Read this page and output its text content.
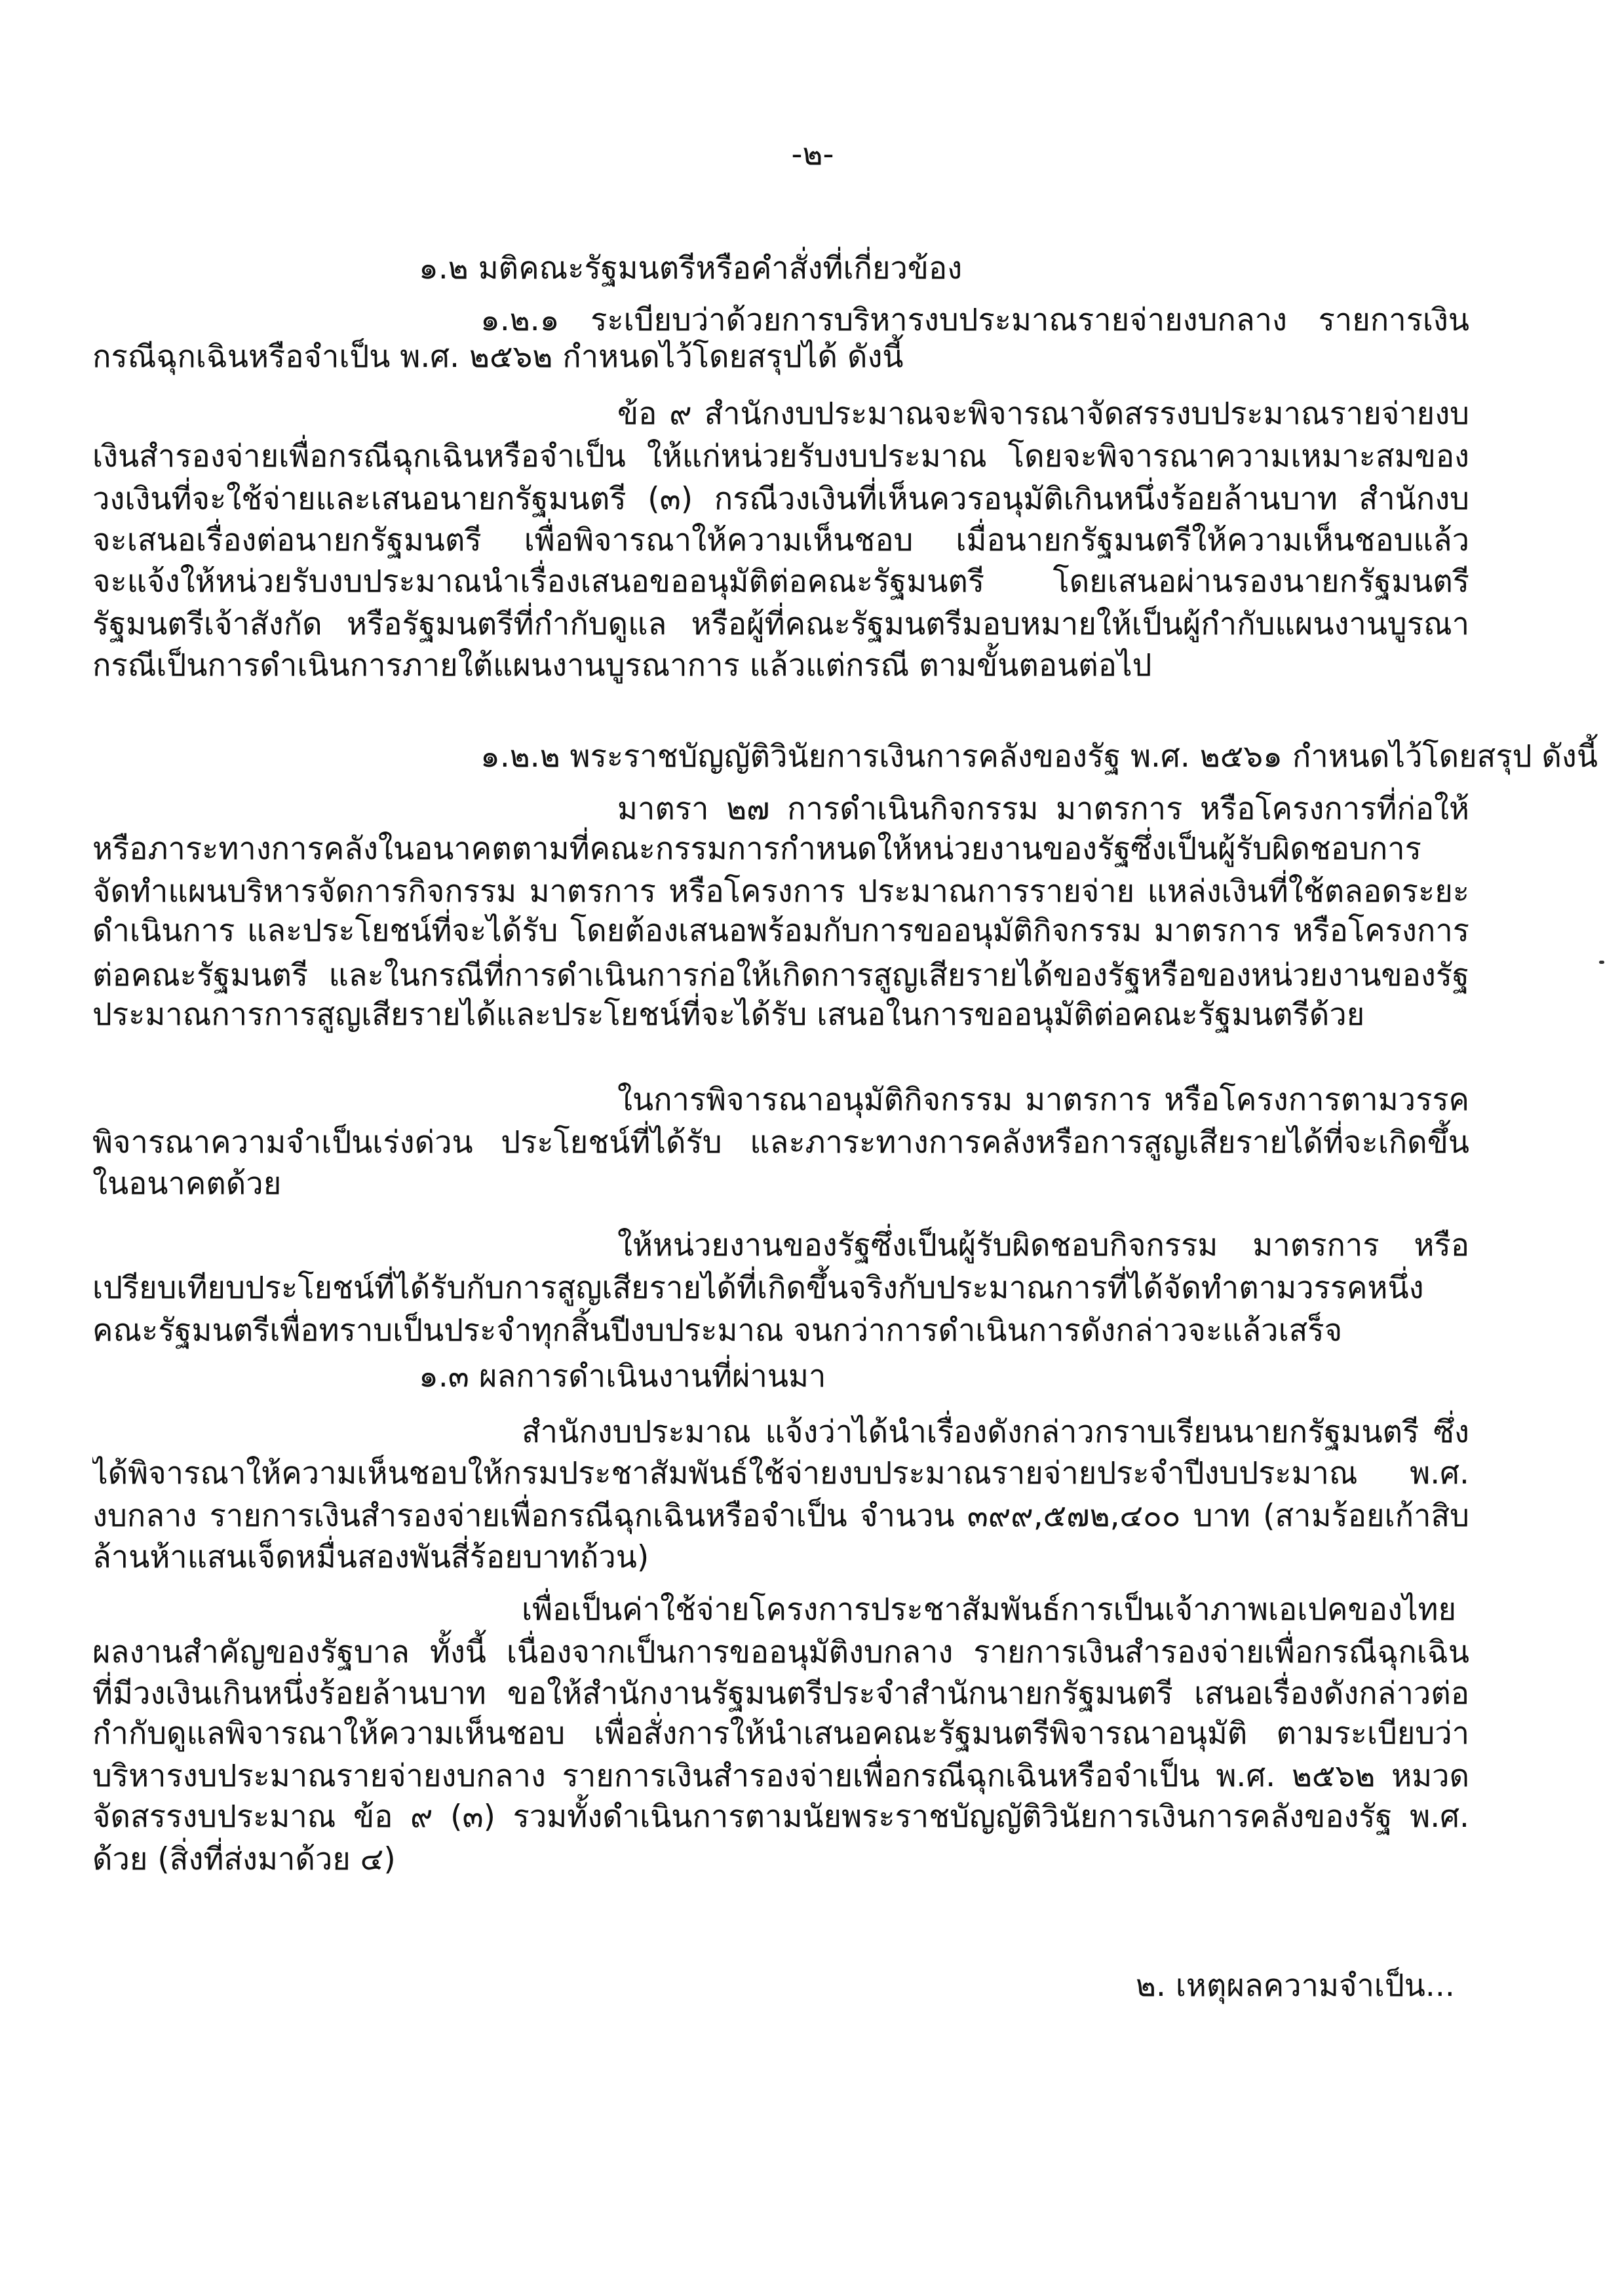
-๒-
๑.๒ มติคณะรัฐมนตรีหรือคำสั่งที่เกี่ยวข้อง
๑.๒.๑ ระเบียบว่าด้วยการบริหารงบประมาณรายจ่ายงบกลาง รายการเงิน
กรณีฉุกเฉินหรือจำเป็น พ.ศ. ๒๕๖๒ กำหนดไว้โดยสรุปได้ ดังนี้
ข้อ ๙ สำนักงบประมาณจะพิจารณาจัดสรรงบประมาณรายจ่ายงบ
เงินสำรองจ่ายเพื่อกรณีฉุกเฉินหรือจำเป็น ให้แก่หน่วยรับงบประมาณ โดยจะพิจารณาความเหมาะสมของ
วงเงินที่จะใช้จ่ายและเสนอนายกรัฐมนตรี (๓) กรณีวงเงินที่เห็นควรอนุมัติเกินหนึ่งร้อยล้านบาท สำนักงบ
จะเสนอเรื่องต่อนายกรัฐมนตรี เพื่อพิจารณาให้ความเห็นชอบ เมื่อนายกรัฐมนตรีให้ความเห็นชอบแล้ว
จะแจ้งให้หน่วยรับงบประมาณนำเรื่องเสนอขออนุมัติต่อคณะรัฐมนตรี โดยเสนอผ่านรองนายกรัฐมนตรี
รัฐมนตรีเจ้าสังกัด หรือรัฐมนตรีที่กำกับดูแล หรือผู้ที่คณะรัฐมนตรีมอบหมายให้เป็นผู้กำกับแผนงานบูรณา
กรณีเป็นการดำเนินการภายใต้แผนงานบูรณาการ แล้วแต่กรณี ตามขั้นตอนต่อไป
๑.๒.๒ พระราชบัญญัติวินัยการเงินการคลังของรัฐ พ.ศ. ๒๕๖๑ กำหนดไว้โดยสรุป ดังนี้
มาตรา ๒๗ การดำเนินกิจกรรม มาตรการ หรือโครงการที่ก่อให้
หรือภาระทางการคลังในอนาคตตามที่คณะกรรมการกำหนดให้หน่วยงานของรัฐซึ่งเป็นผู้รับผิดชอบการ
จัดทำแผนบริหารจัดการกิจกรรม มาตรการ หรือโครงการ ประมาณการรายจ่าย แหล่งเงินที่ใช้ตลอดระยะ
ดำเนินการ และประโยชน์ที่จะได้รับ โดยต้องเสนอพร้อมกับการขออนุมัติกิจกรรม มาตรการ หรือโครงการ
ต่อคณะรัฐมนตรี และในกรณีที่การดำเนินการก่อให้เกิดการสูญเสียรายได้ของรัฐหรือของหน่วยงานของรัฐ
ประมาณการการสูญเสียรายได้และประโยชน์ที่จะได้รับ เสนอในการขออนุมัติต่อคณะรัฐมนตรีด้วย
ในการพิจารณาอนุมัติกิจกรรม มาตรการ หรือโครงการตามวรรค
พิจารณาความจำเป็นเร่งด่วน ประโยชน์ที่ได้รับ และภาระทางการคลังหรือการสูญเสียรายได้ที่จะเกิดขึ้น
ในอนาคตด้วย
ให้หน่วยงานของรัฐซึ่งเป็นผู้รับผิดชอบกิจกรรม มาตรการ หรือ
เปรียบเทียบประโยชน์ที่ได้รับกับการสูญเสียรายได้ที่เกิดขึ้นจริงกับประมาณการที่ได้จัดทำตามวรรคหนึ่ง
คณะรัฐมนตรีเพื่อทราบเป็นประจำทุกสิ้นปีงบประมาณ จนกว่าการดำเนินการดังกล่าวจะแล้วเสร็จ
๑.๓ ผลการดำเนินงานที่ผ่านมา
สำนักงบประมาณ แจ้งว่าได้นำเรื่องดังกล่าวกราบเรียนนายกรัฐมนตรี ซึ่ง
ได้พิจารณาให้ความเห็นชอบให้กรมประชาสัมพันธ์ใช้จ่ายงบประมาณรายจ่ายประจำปีงบประมาณ พ.ศ.
งบกลาง รายการเงินสำรองจ่ายเพื่อกรณีฉุกเฉินหรือจำเป็น จำนวน ๓๙๙,๕๗๒,๔๐๐ บาท (สามร้อยเก้าสิบ
ล้านห้าแสนเจ็ดหมื่นสองพันสี่ร้อยบาทถ้วน)
เพื่อเป็นค่าใช้จ่ายโครงการประชาสัมพันธ์การเป็นเจ้าภาพเอเปคของไทย
ผลงานสำคัญของรัฐบาล ทั้งนี้ เนื่องจากเป็นการขออนุมัติงบกลาง รายการเงินสำรองจ่ายเพื่อกรณีฉุกเฉิน
ที่มีวงเงินเกินหนึ่งร้อยล้านบาท ขอให้สำนักงานรัฐมนตรีประจำสำนักนายกรัฐมนตรี เสนอเรื่องดังกล่าวต่อ
กำกับดูแลพิจารณาให้ความเห็นชอบ เพื่อสั่งการให้นำเสนอคณะรัฐมนตรีพิจารณาอนุมัติ ตามระเบียบว่า
บริหารงบประมาณรายจ่ายงบกลาง รายการเงินสำรองจ่ายเพื่อกรณีฉุกเฉินหรือจำเป็น พ.ศ. ๒๕๖๒ หมวด
จัดสรรงบประมาณ ข้อ ๙ (๓) รวมทั้งดำเนินการตามนัยพระราชบัญญัติวินัยการเงินการคลังของรัฐ พ.ศ.
ด้วย (สิ่งที่ส่งมาด้วย ๔)
๒. เหตุผลความจำเป็น...
